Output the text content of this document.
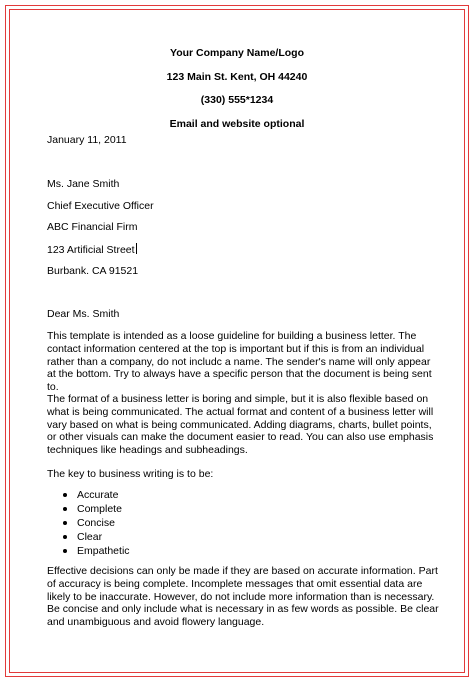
Your Company Name/Logo
123 Main St. Kent, OH 44240
(330) 555*1234
Email and website optional
January 11, 2011
Ms. Jane Smith
Chief Executive Officer
ABC Financial Firm
123 Artificial Street
Burbank. CA 91521
Dear Ms. Smith
This template is intended as a loose guideline for building a business letter. The contact information centered at the top is important but if this is from an individual rather than a company, do not includc a name. The sender's name will only appear at the bottom. Try to always have a specific person that the document is being sent to.
The format of a business letter is boring and simple, but it is also flexible based on what is being communicated. The actual format and content of a business letter will vary based on what is being communicated. Adding diagrams, charts, bullet points, or other visuals can make the document easier to read. You can also use emphasis techniques like headings and subheadings.
The key to business writing is to be:
Accurate
Complete
Concise
Clear
Empathetic
Effective decisions can only be made if they are based on accurate information. Part of accuracy is being complete. Incomplete messages that omit essential data are likely to be inaccurate. However, do not include more information than is necessary. Be concise and only include what is necessary in as few words as possible. Be clear and unambiguous and avoid flowery language.
